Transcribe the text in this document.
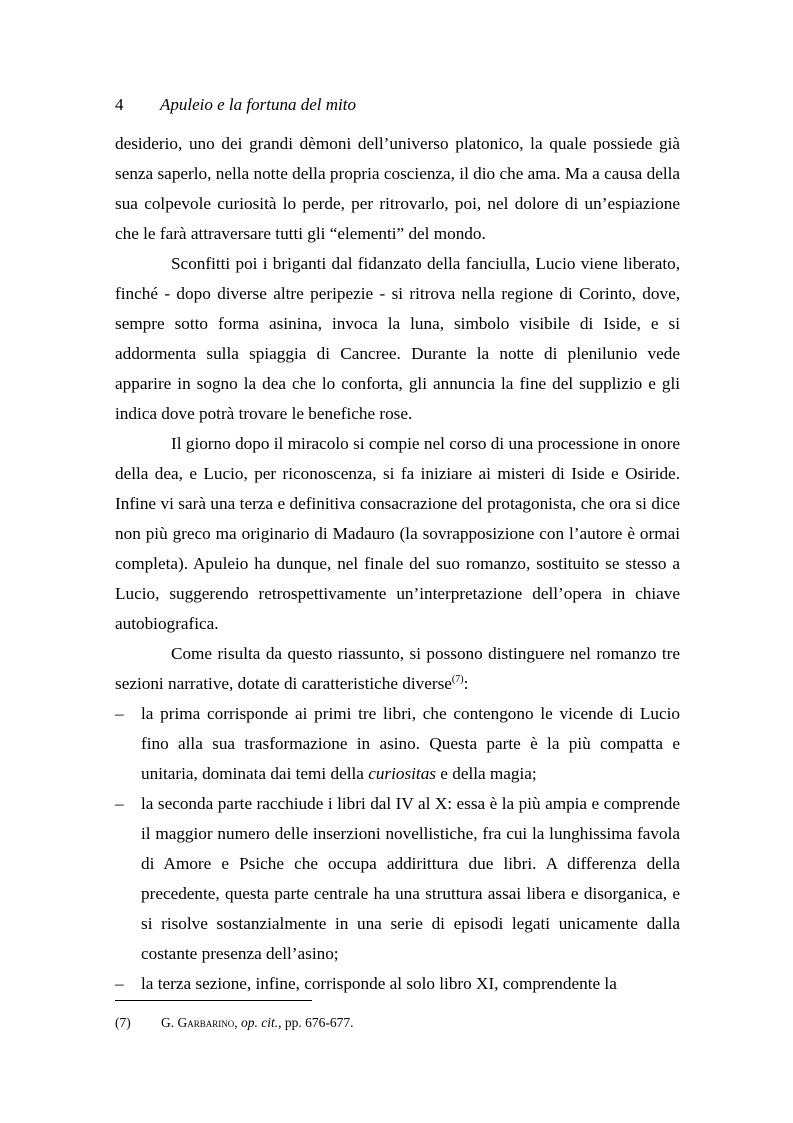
4 Apuleio e la fortuna del mito

desiderio, uno dei grandi dèmoni dell’universo platonico, la quale possiede già senza saperlo, nella notte della propria coscienza, il dio che ama. Ma a causa della sua colpevole curiosità lo perde, per ritrovarlo, poi, nel dolore di un’espiazione che le farà attraversare tutti gli “elementi” del mondo.

Sconfitti poi i briganti dal fidanzato della fanciulla, Lucio viene liberato, finché - dopo diverse altre peripezie - si ritrova nella regione di Corinto, dove, sempre sotto forma asinina, invoca la luna, simbolo visibile di Iside, e si addormenta sulla spiaggia di Cancree. Durante la notte di plenilunio vede apparire in sogno la dea che lo conforta, gli annuncia la fine del supplizio e gli indica dove potrà trovare le benefiche rose.

Il giorno dopo il miracolo si compie nel corso di una processione in onore della dea, e Lucio, per riconoscenza, si fa iniziare ai misteri di Iside e Osiride. Infine vi sarà una terza e definitiva consacrazione del protagonista, che ora si dice non più greco ma originario di Madauro (la sovrapposizione con l’autore è ormai completa). Apuleio ha dunque, nel finale del suo romanzo, sostituito se stesso a Lucio, suggerendo retrospettivamente un’interpretazione dell’opera in chiave autobiografica.

Come risulta da questo riassunto, si possono distinguere nel romanzo tre sezioni narrative, dotate di caratteristiche diverse$^{(7)}$:

– la prima corrisponde ai primi tre libri, che contengono le vicende di Lucio fino alla sua trasformazione in asino. Questa parte è la più compatta e unitaria, dominata dai temi della curiositas e della magia;
– la seconda parte racchiude i libri dal IV al X: essa è la più ampia e comprende il maggior numero delle inserzioni novellistiche, fra cui la lunghissima favola di Amore e Psiche che occupa addirittura due libri. A differenza della precedente, questa parte centrale ha una struttura assai libera e disorganica, e si risolve sostanzialmente in una serie di episodi legati unicamente dalla costante presenza dell’asino;
– la terza sezione, infine, corrisponde al solo libro XI, comprendente la
(7) G. Garbarino, op. cit., pp. 676-677.
